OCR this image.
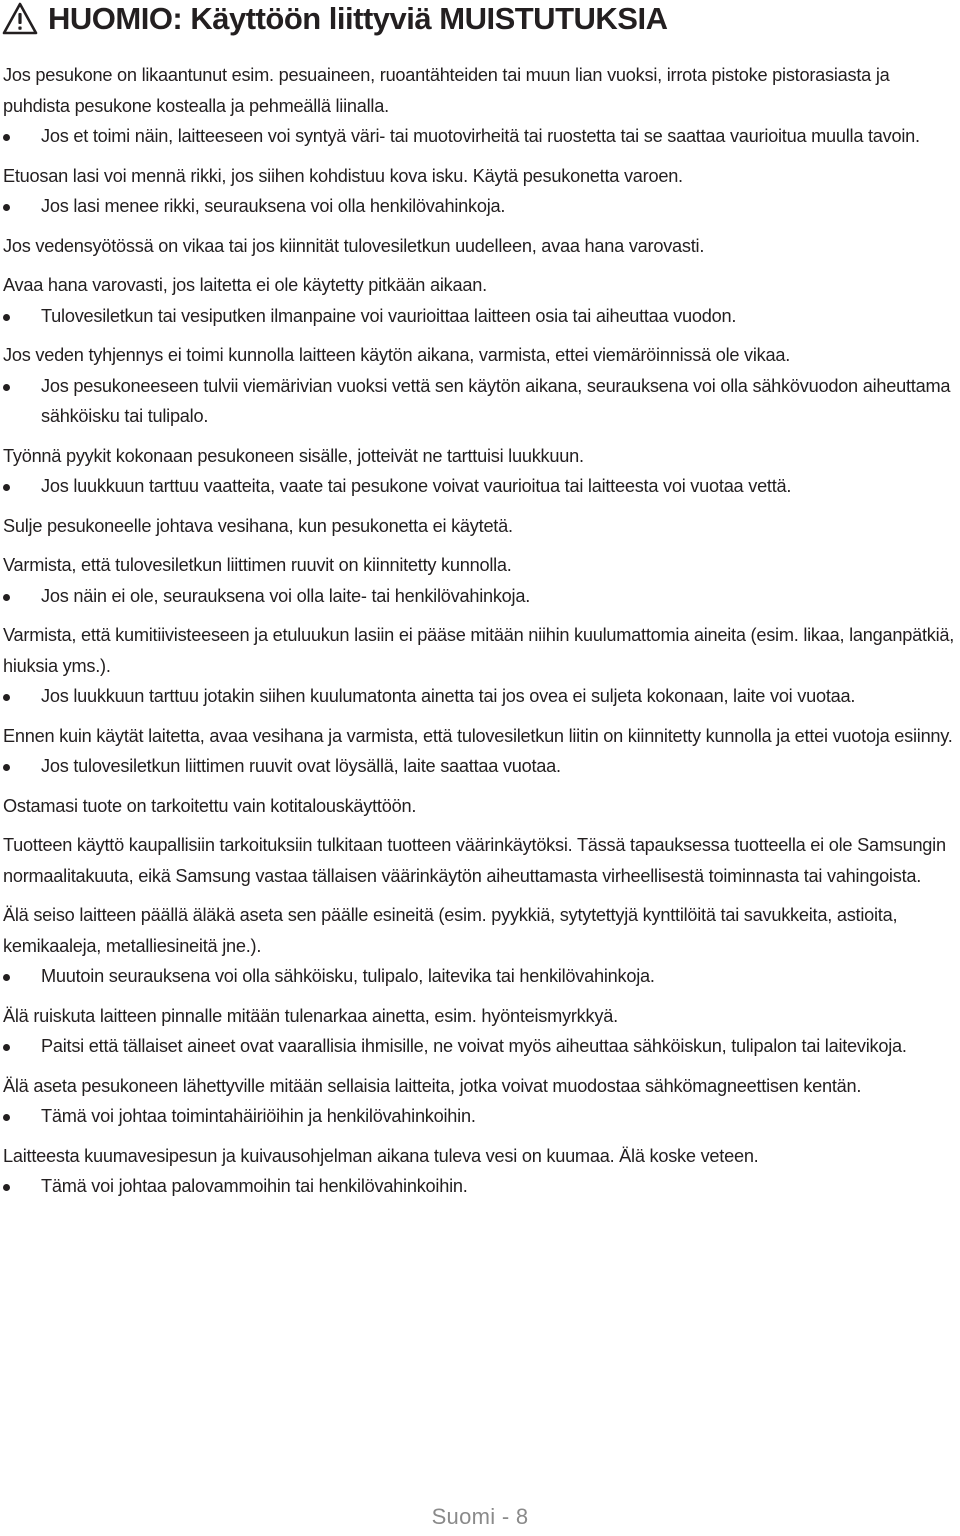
HUOMIO: Käyttöön liittyviä MUISTUTUKSIA
Jos pesukone on likaantunut esim. pesuaineen, ruoantähteiden tai muun lian vuoksi, irrota pistoke pistorasiasta ja puhdista pesukone kostealla ja pehmeällä liinalla.
Jos et toimi näin, laitteeseen voi syntyä väri- tai muotovirheitä tai ruostetta tai se saattaa vaurioitua muulla tavoin.
Etuosan lasi voi mennä rikki, jos siihen kohdistuu kova isku. Käytä pesukonetta varoen.
Jos lasi menee rikki, seurauksena voi olla henkilövahinkoja.
Jos vedensyötössä on vikaa tai jos kiinnität tulovesiletkun uudelleen, avaa hana varovasti.
Avaa hana varovasti, jos laitetta ei ole käytetty pitkään aikaan.
Tulovesiletkun tai vesiputken ilmanpaine voi vaurioittaa laitteen osia tai aiheuttaa vuodon.
Jos veden tyhjennys ei toimi kunnolla laitteen käytön aikana, varmista, ettei viemäröinnissä ole vikaa.
Jos pesukoneeseen tulvii viemärivian vuoksi vettä sen käytön aikana, seurauksena voi olla sähkövuodon aiheuttama sähköisku tai tulipalo.
Työnnä pyykit kokonaan pesukoneen sisälle, jotteivät ne tarttuisi luukkuun.
Jos luukkuun tarttuu vaatteita, vaate tai pesukone voivat vaurioitua tai laitteesta voi vuotaa vettä.
Sulje pesukoneelle johtava vesihana, kun pesukonetta ei käytetä.
Varmista, että tulovesiletkun liittimen ruuvit on kiinnitetty kunnolla.
Jos näin ei ole, seurauksena voi olla laite- tai henkilövahinkoja.
Varmista, että kumitiivisteeseen ja etuluukun lasiin ei pääse mitään niihin kuulumattomia aineita (esim. likaa, langanpätkiä, hiuksia yms.).
Jos luukkuun tarttuu jotakin siihen kuulumatonta ainetta tai jos ovea ei suljeta kokonaan, laite voi vuotaa.
Ennen kuin käytät laitetta, avaa vesihana ja varmista, että tulovesiletkun liitin on kiinnitetty kunnolla ja ettei vuotoja esiinny.
Jos tulovesiletkun liittimen ruuvit ovat löysällä, laite saattaa vuotaa.
Ostamasi tuote on tarkoitettu vain kotitalouskäyttöön.
Tuotteen käyttö kaupallisiin tarkoituksiin tulkitaan tuotteen väärinkäytöksi. Tässä tapauksessa tuotteella ei ole Samsungin normaalitakuuta, eikä Samsung vastaa tällaisen väärinkäytön aiheuttamasta virheellisestä toiminnasta tai vahingoista.
Älä seiso laitteen päällä äläkä aseta sen päälle esineitä (esim. pyykkiä, sytytettyjä kynttilöitä tai savukkeita, astioita, kemikaaleja, metalliesineitä jne.).
Muutoin seurauksena voi olla sähköisku, tulipalo, laitevika tai henkilövahinkoja.
Älä ruiskuta laitteen pinnalle mitään tulenarkaa ainetta, esim. hyönteismyrkkyä.
Paitsi että tällaiset aineet ovat vaarallisia ihmisille, ne voivat myös aiheuttaa sähköiskun, tulipalon tai laitevikoja.
Älä aseta pesukoneen lähettyville mitään sellaisia laitteita, jotka voivat muodostaa sähkömagneettisen kentän.
Tämä voi johtaa toimintahäiriöihin ja henkilövahinkoihin.
Laitteesta kuumavesipesun ja kuivausohjelman aikana tuleva vesi on kuumaa. Älä koske veteen.
Tämä voi johtaa palovammoihin tai henkilövahinkoihin.
Suomi - 8
